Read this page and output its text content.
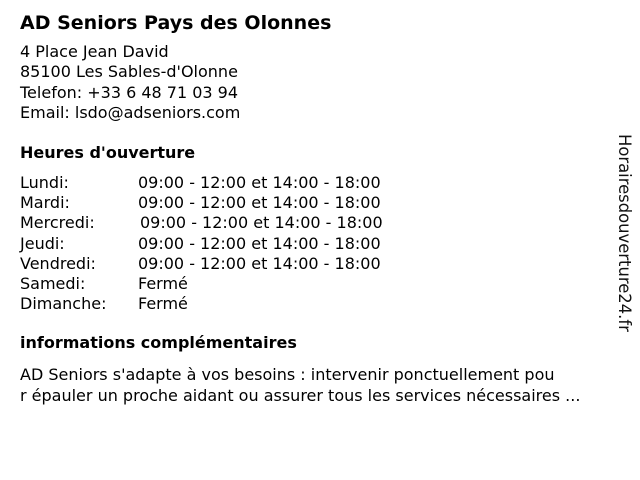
AD Seniors Pays des Olonnes
4 Place Jean David
85100 Les Sables-d'Olonne
Telefon: +33 6 48 71 03 94
Email: lsdo@adseniors.com
Heures d'ouverture
Lundi:	09:00 - 12:00 et 14:00 - 18:00
Mardi:	09:00 - 12:00 et 14:00 - 18:00
Mercredi:	09:00 - 12:00 et 14:00 - 18:00
Jeudi:	09:00 - 12:00 et 14:00 - 18:00
Vendredi:	09:00 - 12:00 et 14:00 - 18:00
Samedi:	Fermé
Dimanche: Fermé
informations complémentaires
AD Seniors s'adapte à vos besoins : intervenir ponctuellement pou
r épauler un proche aidant ou assurer tous les services nécessaires ...
Horairesdouverture24.fr
